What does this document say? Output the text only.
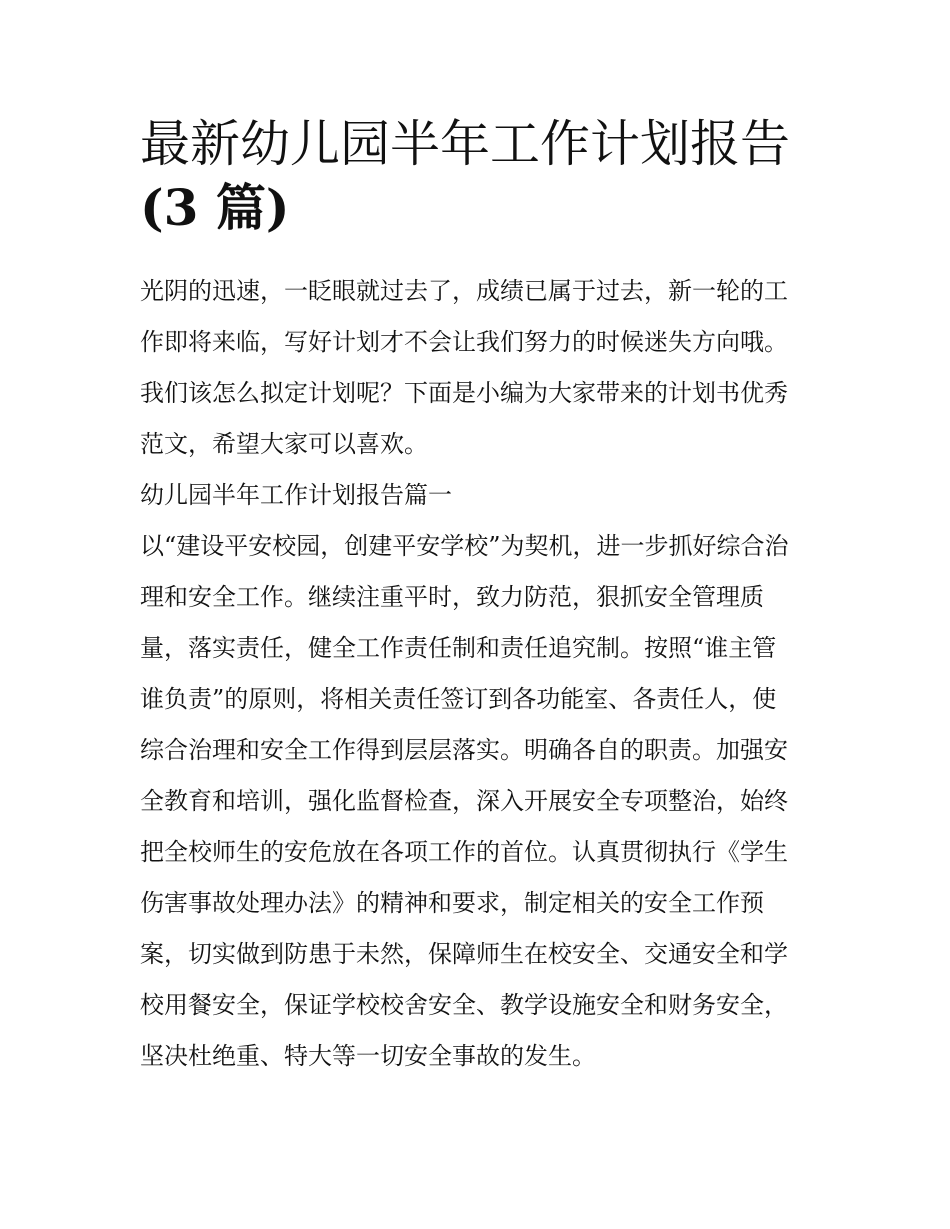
最新幼儿园半年工作计划报告
(3 篇)

光阴的迅速，一眨眼就过去了，成绩已属于过去，新一轮的工
作即将来临，写好计划才不会让我们努力的时候迷失方向哦。
我们该怎么拟定计划呢？下面是小编为大家带来的计划书优秀
范文，希望大家可以喜欢。

幼儿园半年工作计划报告篇一

以“建设平安校园，创建平安学校”为契机，进一步抓好综合治
理和安全工作。继续注重平时，致力防范，狠抓安全管理质
量，落实责任，健全工作责任制和责任追究制。按照“谁主管
谁负责”的原则，将相关责任签订到各功能室、各责任人，使
综合治理和安全工作得到层层落实。明确各自的职责。加强安
全教育和培训，强化监督检查，深入开展安全专项整治，始终
把全校师生的安危放在各项工作的首位。认真贯彻执行《学生
伤害事故处理办法》的精神和要求，制定相关的安全工作预
案，切实做到防患于未然，保障师生在校安全、交通安全和学
校用餐安全，保证学校校舍安全、教学设施安全和财务安全，
坚决杜绝重、特大等一切安全事故的发生。
